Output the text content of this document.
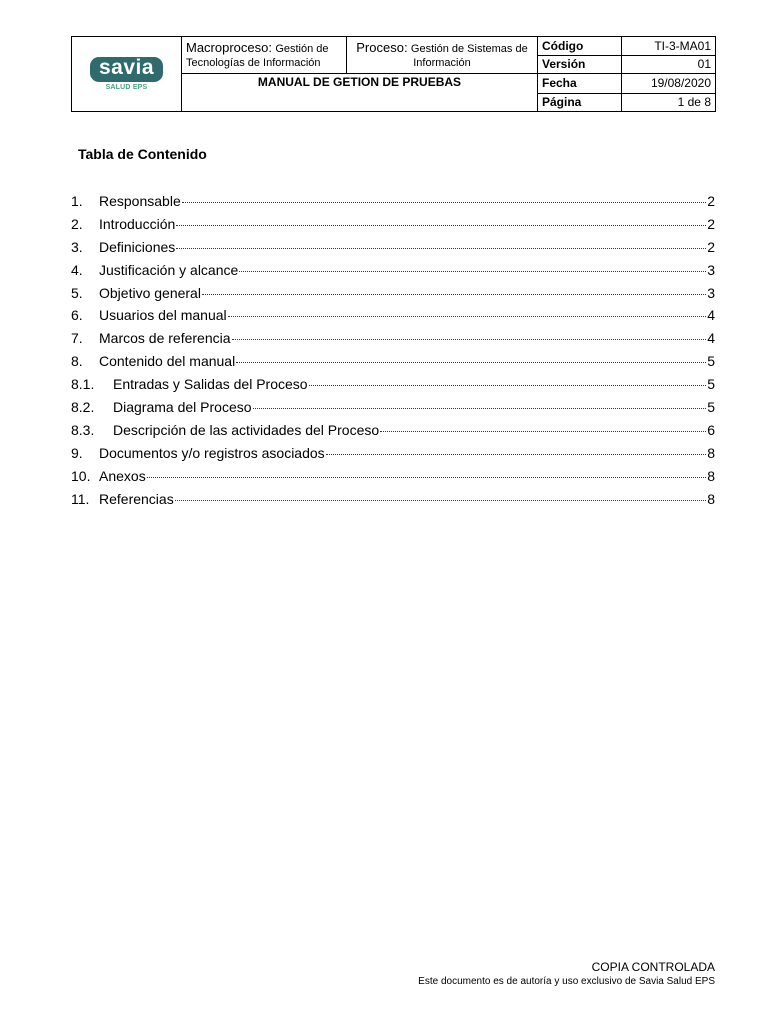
savia
SALUD EPS	Macroproceso: Gestión de Tecnologías de Información	Proceso: Gestión de Sistemas de Información	Código	TI-3-MA01
			Versión	01
	MANUAL DE GETION DE PRUEBAS		Fecha	19/08/2020
			Página	1 de 8
Tabla de Contenido
1.	Responsable	2
2.	Introducción	2
3.	Definiciones	2
4.	Justificación y alcance	3
5.	Objetivo general	3
6.	Usuarios del manual	4
7.	Marcos de referencia	4
8.	Contenido del manual	5
8.1.	Entradas y Salidas del Proceso	5
8.2.	Diagrama del Proceso	5
8.3.	Descripción de las actividades del Proceso	6
9.	Documentos y/o registros asociados	8
10. Anexos	8
11. Referencias	8
COPIA CONTROLADA
Este documento es de autoría y uso exclusivo de Savia Salud EPS
